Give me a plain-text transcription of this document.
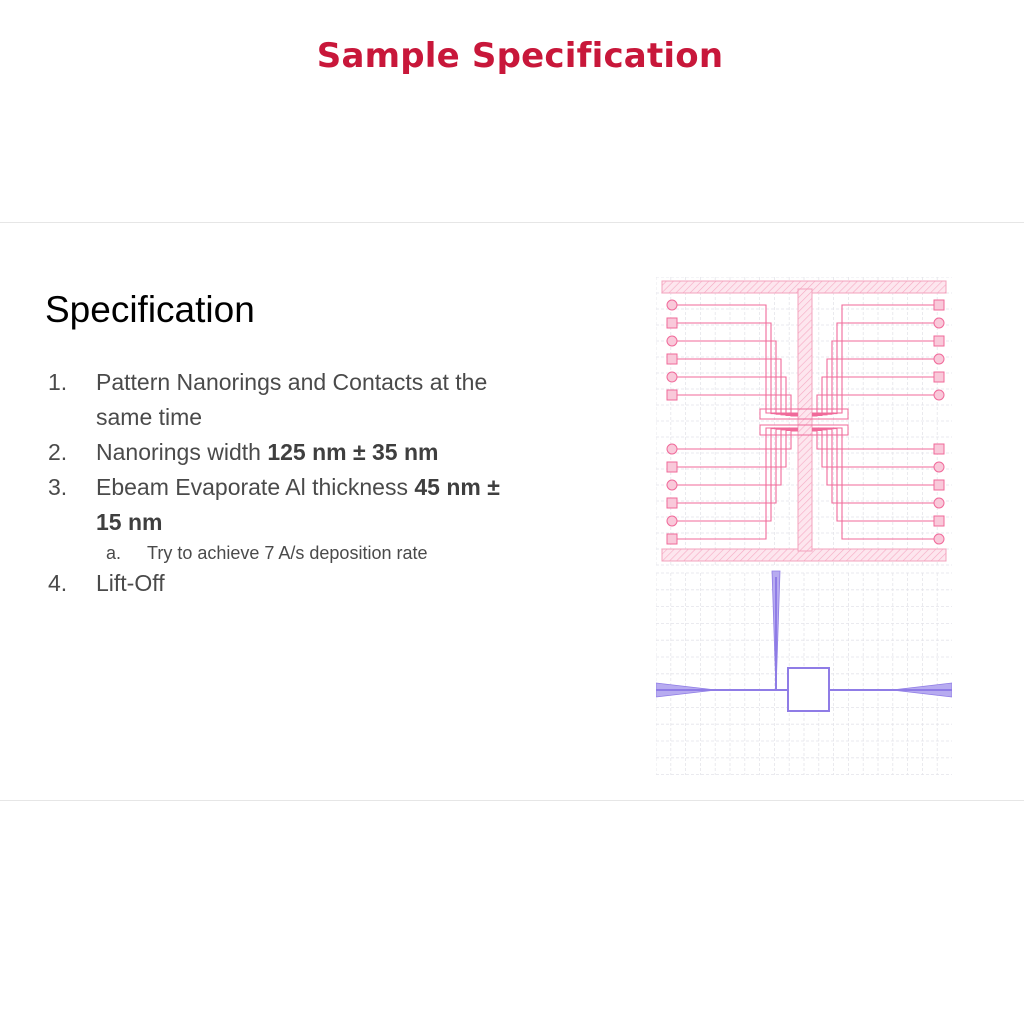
Sample Specification
Specification
1. Pattern Nanorings and Contacts at the same time
2. Nanorings width 125 nm ± 35 nm
3. Ebeam Evaporate Al thickness 45 nm ± 15 nm
a. Try to achieve 7 A/s deposition rate
4. Lift-Off
